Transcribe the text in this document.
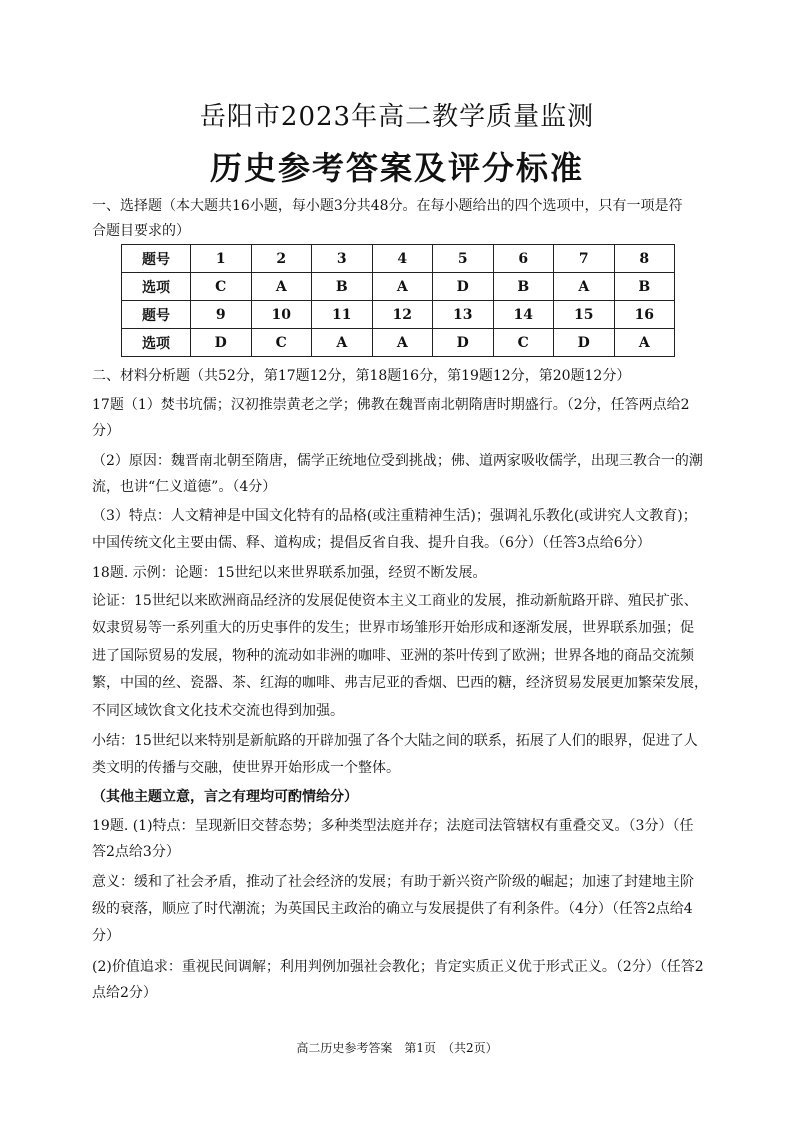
岳阳市2023年高二教学质量监测
历史参考答案及评分标准
一、选择题（本大题共16小题，每小题3分共48分。在每小题给出的四个选项中，只有一项是符
合题目要求的）
题号	1	2	3	4	5	6	7	8
选项	C	A	B	A	D	B	A	B
题号	9	10	11	12	13	14	15	16
选项	D	C	A	A	D	C	D	A
二、材料分析题（共52分，第17题12分，第18题16分，第19题12分，第20题12分）
17题（1）焚书坑儒；汉初推崇黄老之学；佛教在魏晋南北朝隋唐时期盛行。（2分，任答两点给2
分）
（2）原因：魏晋南北朝至隋唐，儒学正统地位受到挑战；佛、道两家吸收儒学，出现三教合一的潮
流，也讲“仁义道德”。（4分）
（3）特点：人文精神是中国文化特有的品格(或注重精神生活)；强调礼乐教化(或讲究人文教育)；
中国传统文化主要由儒、释、道构成；提倡反省自我、提升自我。（6分）（任答3点给6分）
18题. 示例：论题：15世纪以来世界联系加强，经贸不断发展。
论证：15世纪以来欧洲商品经济的发展促使资本主义工商业的发展，推动新航路开辟、殖民扩张、
奴隶贸易等一系列重大的历史事件的发生；世界市场雏形开始形成和逐渐发展，世界联系加强；促
进了国际贸易的发展，物种的流动如非洲的咖啡、亚洲的茶叶传到了欧洲；世界各地的商品交流频
繁，中国的丝、瓷器、茶、红海的咖啡、弗吉尼亚的香烟、巴西的糖，经济贸易发展更加繁荣发展，
不同区域饮食文化技术交流也得到加强。
小结：15世纪以来特别是新航路的开辟加强了各个大陆之间的联系，拓展了人们的眼界，促进了人
类文明的传播与交融，使世界开始形成一个整体。
（其他主题立意，言之有理均可酌情给分）
19题. (1)特点：呈现新旧交替态势；多种类型法庭并存；法庭司法管辖权有重叠交叉。（3分）（任
答2点给3分）
意义：缓和了社会矛盾，推动了社会经济的发展；有助于新兴资产阶级的崛起；加速了封建地主阶
级的衰落，顺应了时代潮流；为英国民主政治的确立与发展提供了有利条件。（4分）（任答2点给4
分）
(2)价值追求：重视民间调解；利用判例加强社会教化；肯定实质正义优于形式正义。（2分）（任答2
点给2分）
高二历史参考答案　第1页　（共2页）
